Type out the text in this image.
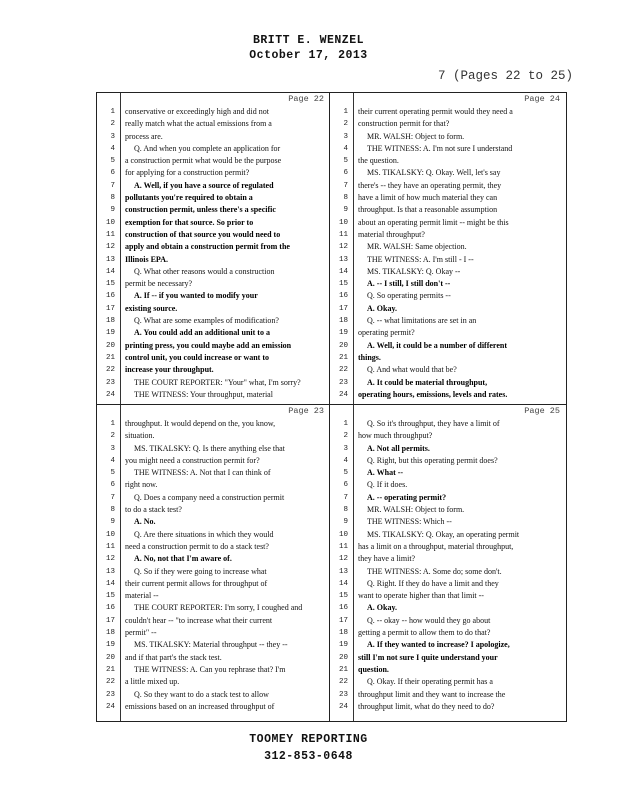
BRITT E. WENZEL
October 17, 2013
7 (Pages 22 to 25)
Page 22
1 conservative or exceedingly high and did not
2 really match what the actual emissions from a
3 process are.
4	Q. And when you complete an application for
5 a construction permit what would be the purpose
6 for applying for a construction permit?
7	A. Well, if you have a source of regulated
8 pollutants you're required to obtain a
9 construction permit, unless there's a specific
10 exemption for that source. So prior to
11 construction of that source you would need to
12 apply and obtain a construction permit from the
13 Illinois EPA.
14	Q. What other reasons would a construction
15 permit be necessary?
16	A. If -- if you wanted to modify your
17 existing source.
18	Q. What are some examples of modification?
19	A. You could add an additional unit to a
20 printing press, you could maybe add an emission
21 control unit, you could increase or want to
22 increase your throughput.
23	THE COURT REPORTER: "Your" what, I'm sorry?
24	THE WITNESS: Your throughput, material
Page 24
1 their current operating permit would they need a
2 construction permit for that?
3	MR. WALSH: Object to form.
4	THE WITNESS: A. I'm not sure I understand
5 the question.
6	MS. TIKALSKY: Q. Okay. Well, let's say
7 there's -- they have an operating permit, they
8 have a limit of how much material they can
9 throughput. Is that a reasonable assumption
10 about an operating permit limit -- might be this
11 material throughput?
12	MR. WALSH: Same objection.
13	THE WITNESS: A. I'm still - I --
14	MS. TIKALSKY: Q. Okay --
15	A. -- I still, I still don't --
16	Q. So operating permits --
17	A. Okay.
18	Q. -- what limitations are set in an
19 operating permit?
20	A. Well, it could be a number of different
21 things.
22	Q. And what would that be?
23	A. It could be material throughput,
24 operating hours, emissions, levels and rates.
Page 23
1 throughput. It would depend on the, you know,
2 situation.
3	MS. TIKALSKY: Q. Is there anything else that
4 you might need a construction permit for?
5	THE WITNESS: A. Not that I can think of
6 right now.
7	Q. Does a company need a construction permit
8 to do a stack test?
9	A. No.
10	Q. Are there situations in which they would
11 need a construction permit to do a stack test?
12	A. No, not that I'm aware of.
13	Q. So if they were going to increase what
14 their current permit allows for throughput of
15 material --
16	THE COURT REPORTER: I'm sorry, I coughed and
17 couldn't hear -- "to increase what their current
18 permit" --
19	MS. TIKALSKY: Material throughput -- they --
20 and if that part's the stack test.
21	THE WITNESS: A. Can you rephrase that? I'm
22 a little mixed up.
23	Q. So they want to do a stack test to allow
24 emissions based on an increased throughput of
Page 25
1	Q. So it's throughput, they have a limit of
2 how much throughput?
3	A. Not all permits.
4	Q. Right, but this operating permit does?
5	A. What --
6	Q. If it does.
7	A. -- operating permit?
8	MR. WALSH: Object to form.
9	THE WITNESS: Which --
10	MS. TIKALSKY: Q. Okay, an operating permit
11 has a limit on a throughput, material throughput,
12 they have a limit?
13	THE WITNESS: A. Some do; some don't.
14	Q. Right. If they do have a limit and they
15 want to operate higher than that limit --
16	A. Okay.
17	Q. -- okay -- how would they go about
18 getting a permit to allow them to do that?
19	A. If they wanted to increase? I apologize,
20 still I'm not sure I quite understand your
21 question.
22	Q. Okay. If their operating permit has a
23 throughput limit and they want to increase the
24 throughput limit, what do they need to do?
TOOMEY REPORTING
312-853-0648
